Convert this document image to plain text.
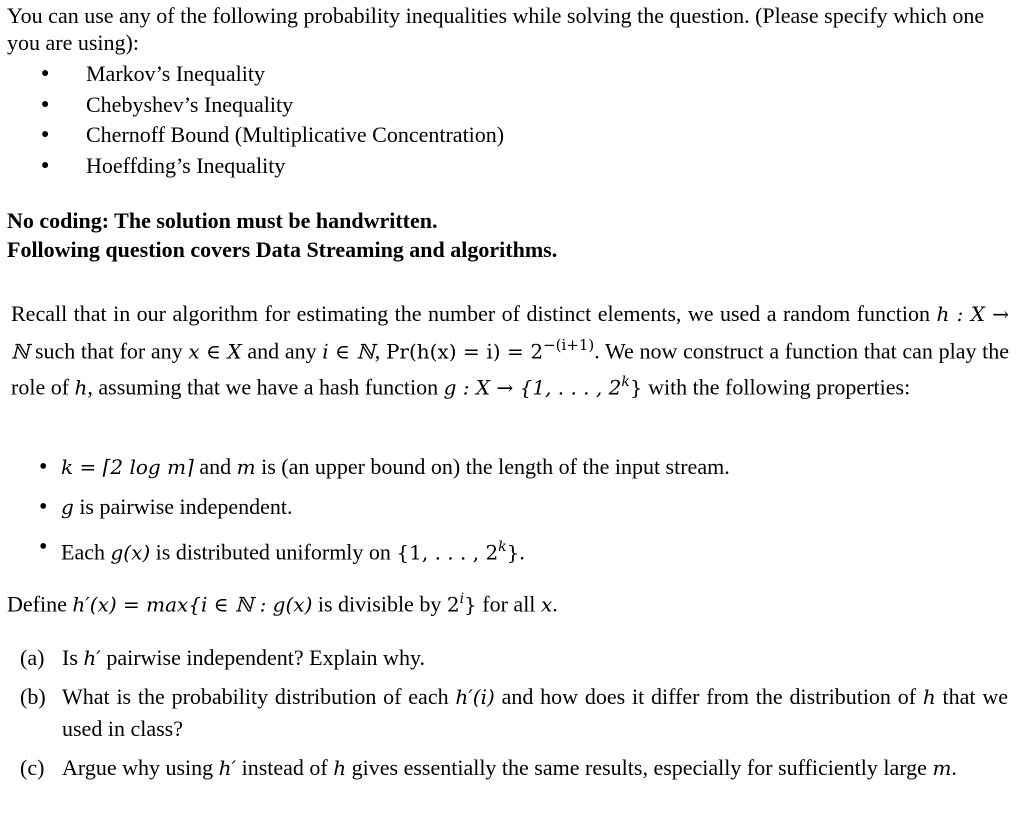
You can use any of the following probability inequalities while solving the question. (Please specify which one you are using):
● Markov’s Inequality
● Chebyshev’s Inequality
● Chernoff Bound (Multiplicative Concentration)
● Hoeffding’s Inequality
No coding: The solution must be handwritten.
Following question covers Data Streaming and algorithms.
Recall that in our algorithm for estimating the number of distinct elements, we used a random function h : X → ℕ such that for any x ∈ X and any i ∈ ℕ, $Pr(h(x) = i) = 2^{-(i+1)}$. We now construct a function that can play the role of h, assuming that we have a hash function g : X → {1, . . . , 2$^k$} with the following properties:
• k = ⌈2 log m⌉ and m is (an upper bound on) the length of the input stream.
• g is pairwise independent.
• Each g(x) is distributed uniformly on {1, . . . , 2$^k$}.
Define h′(x) = max{i ∈ ℕ : g(x) is divisible by 2$^i$} for all x.
(a) Is h′ pairwise independent? Explain why.
(b) What is the probability distribution of each h′(i) and how does it differ from the distribution of h that we used in class?
(c) Argue why using h′ instead of h gives essentially the same results, especially for sufficiently large m.
